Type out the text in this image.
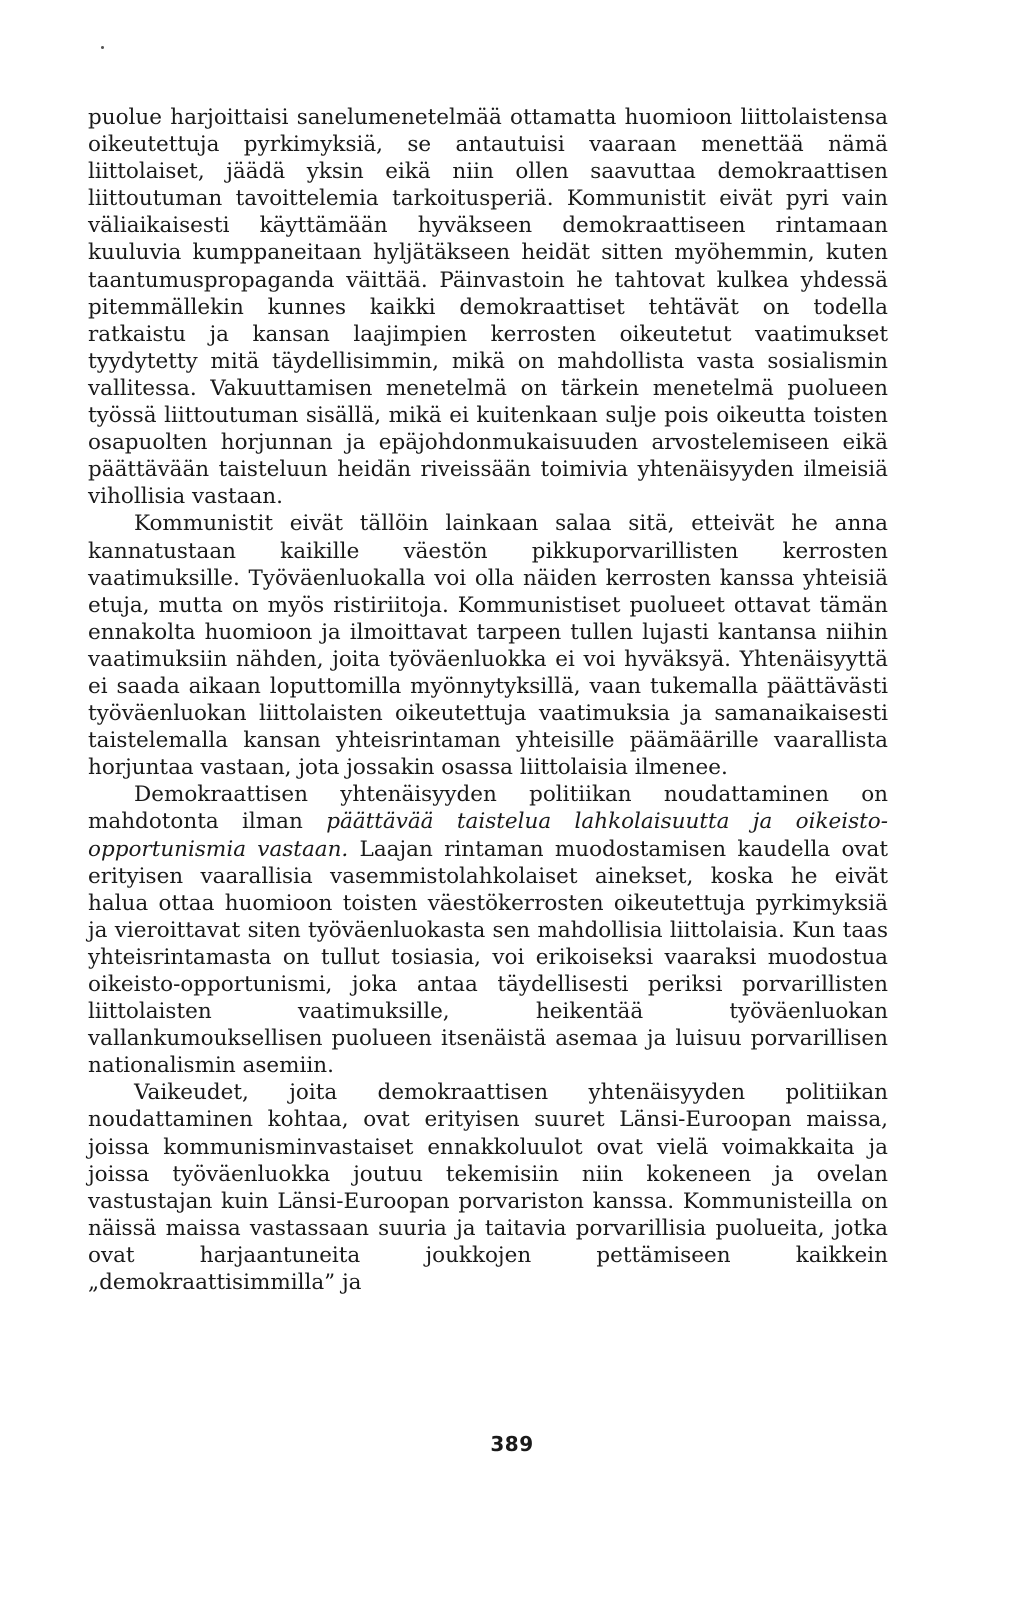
puolue harjoittaisi sanelumenetelmää ottamatta huomioon liittolaistensa oikeutettuja pyrkimyksiä, se antautuisi vaaraan menettää nämä liittolaiset, jäädä yksin eikä niin ollen saavuttaa demokraattisen liittoutuman tavoittelemia tarkoitusperiä. Kommunistit eivät pyri vain väliaikaisesti käyttämään hyväkseen demokraattiseen rintamaan kuuluvia kumppaneitaan hyljätäkseen heidät sitten myöhemmin, kuten taantumuspropaganda väittää. Päinvastoin he tahtovat kulkea yhdessä pitemmällekin kunnes kaikki demokraattiset tehtävät on todella ratkaistu ja kansan laajimpien kerrosten oikeutetut vaatimukset tyydytetty mitä täydellisimmin, mikä on mahdollista vasta sosialismin vallitessa. Vakuuttamisen menetelmä on tärkein menetelmä puolueen työssä liittoutuman sisällä, mikä ei kuitenkaan sulje pois oikeutta toisten osapuolten horjunnan ja epäjohdonmukaisuuden arvostelemiseen eikä päättävään taisteluun heidän riveissään toimivia yhtenäisyyden ilmeisiä vihollisia vastaan.

Kommunistit eivät tällöin lainkaan salaa sitä, etteivät he anna kannatustaan kaikille väestön pikkuporvarillisten kerrosten vaatimuksille. Työväenluokalla voi olla näiden kerrosten kanssa yhteisiä etuja, mutta on myös ristiriitoja. Kommunistiset puolueet ottavat tämän ennakolta huomioon ja ilmoittavat tarpeen tullen lujasti kantansa niihin vaatimuksiin nähden, joita työväenluokka ei voi hyväksyä. Yhtenäisyyttä ei saada aikaan loputtomilla myönnytyksillä, vaan tukemalla päättävästi työväenluokan liittolaisten oikeutettuja vaatimuksia ja samanaikaisesti taistelemalla kansan yhteisrintaman yhteisille päämäärille vaarallista horjuntaa vastaan, jota jossakin osassa liittolaisia ilmenee.

Demokraattisen yhtenäisyyden politiikan noudattaminen on mahdotonta ilman päättävää taistelua lahkolaisuutta ja oikeisto-opportunismia vastaan. Laajan rintaman muodostamisen kaudella ovat erityisen vaarallisia vasemmistolahkolaiset ainekset, koska he eivät halua ottaa huomioon toisten väestökerrosten oikeutettuja pyrkimyksiä ja vieroittavat siten työväenluokasta sen mahdollisia liittolaisia. Kun taas yhteisrintamasta on tullut tosiasia, voi erikoiseksi vaaraksi muodostua oikeisto-opportunismi, joka antaa täydellisesti periksi porvarillisten liittolaisten vaatimuksille, heikentää työväenluokan vallankumouksellisen puolueen itsenäistä asemaa ja luisuu porvarillisen nationalismin asemiin.

Vaikeudet, joita demokraattisen yhtenäisyyden politiikan noudattaminen kohtaa, ovat erityisen suuret Länsi-Euroopan maissa, joissa kommunisminvastaiset ennakkoluulot ovat vielä voimakkaita ja joissa työväenluokka joutuu tekemisiin niin kokeneen ja ovelan vastustajan kuin Länsi-Euroopan porvariston kanssa. Kommunisteilla on näissä maissa vastassaan suuria ja taitavia porvarillisia puolueita, jotka ovat harjaantuneita joukkojen pettämiseen kaikkein „demokraattisimmilla” ja

389
